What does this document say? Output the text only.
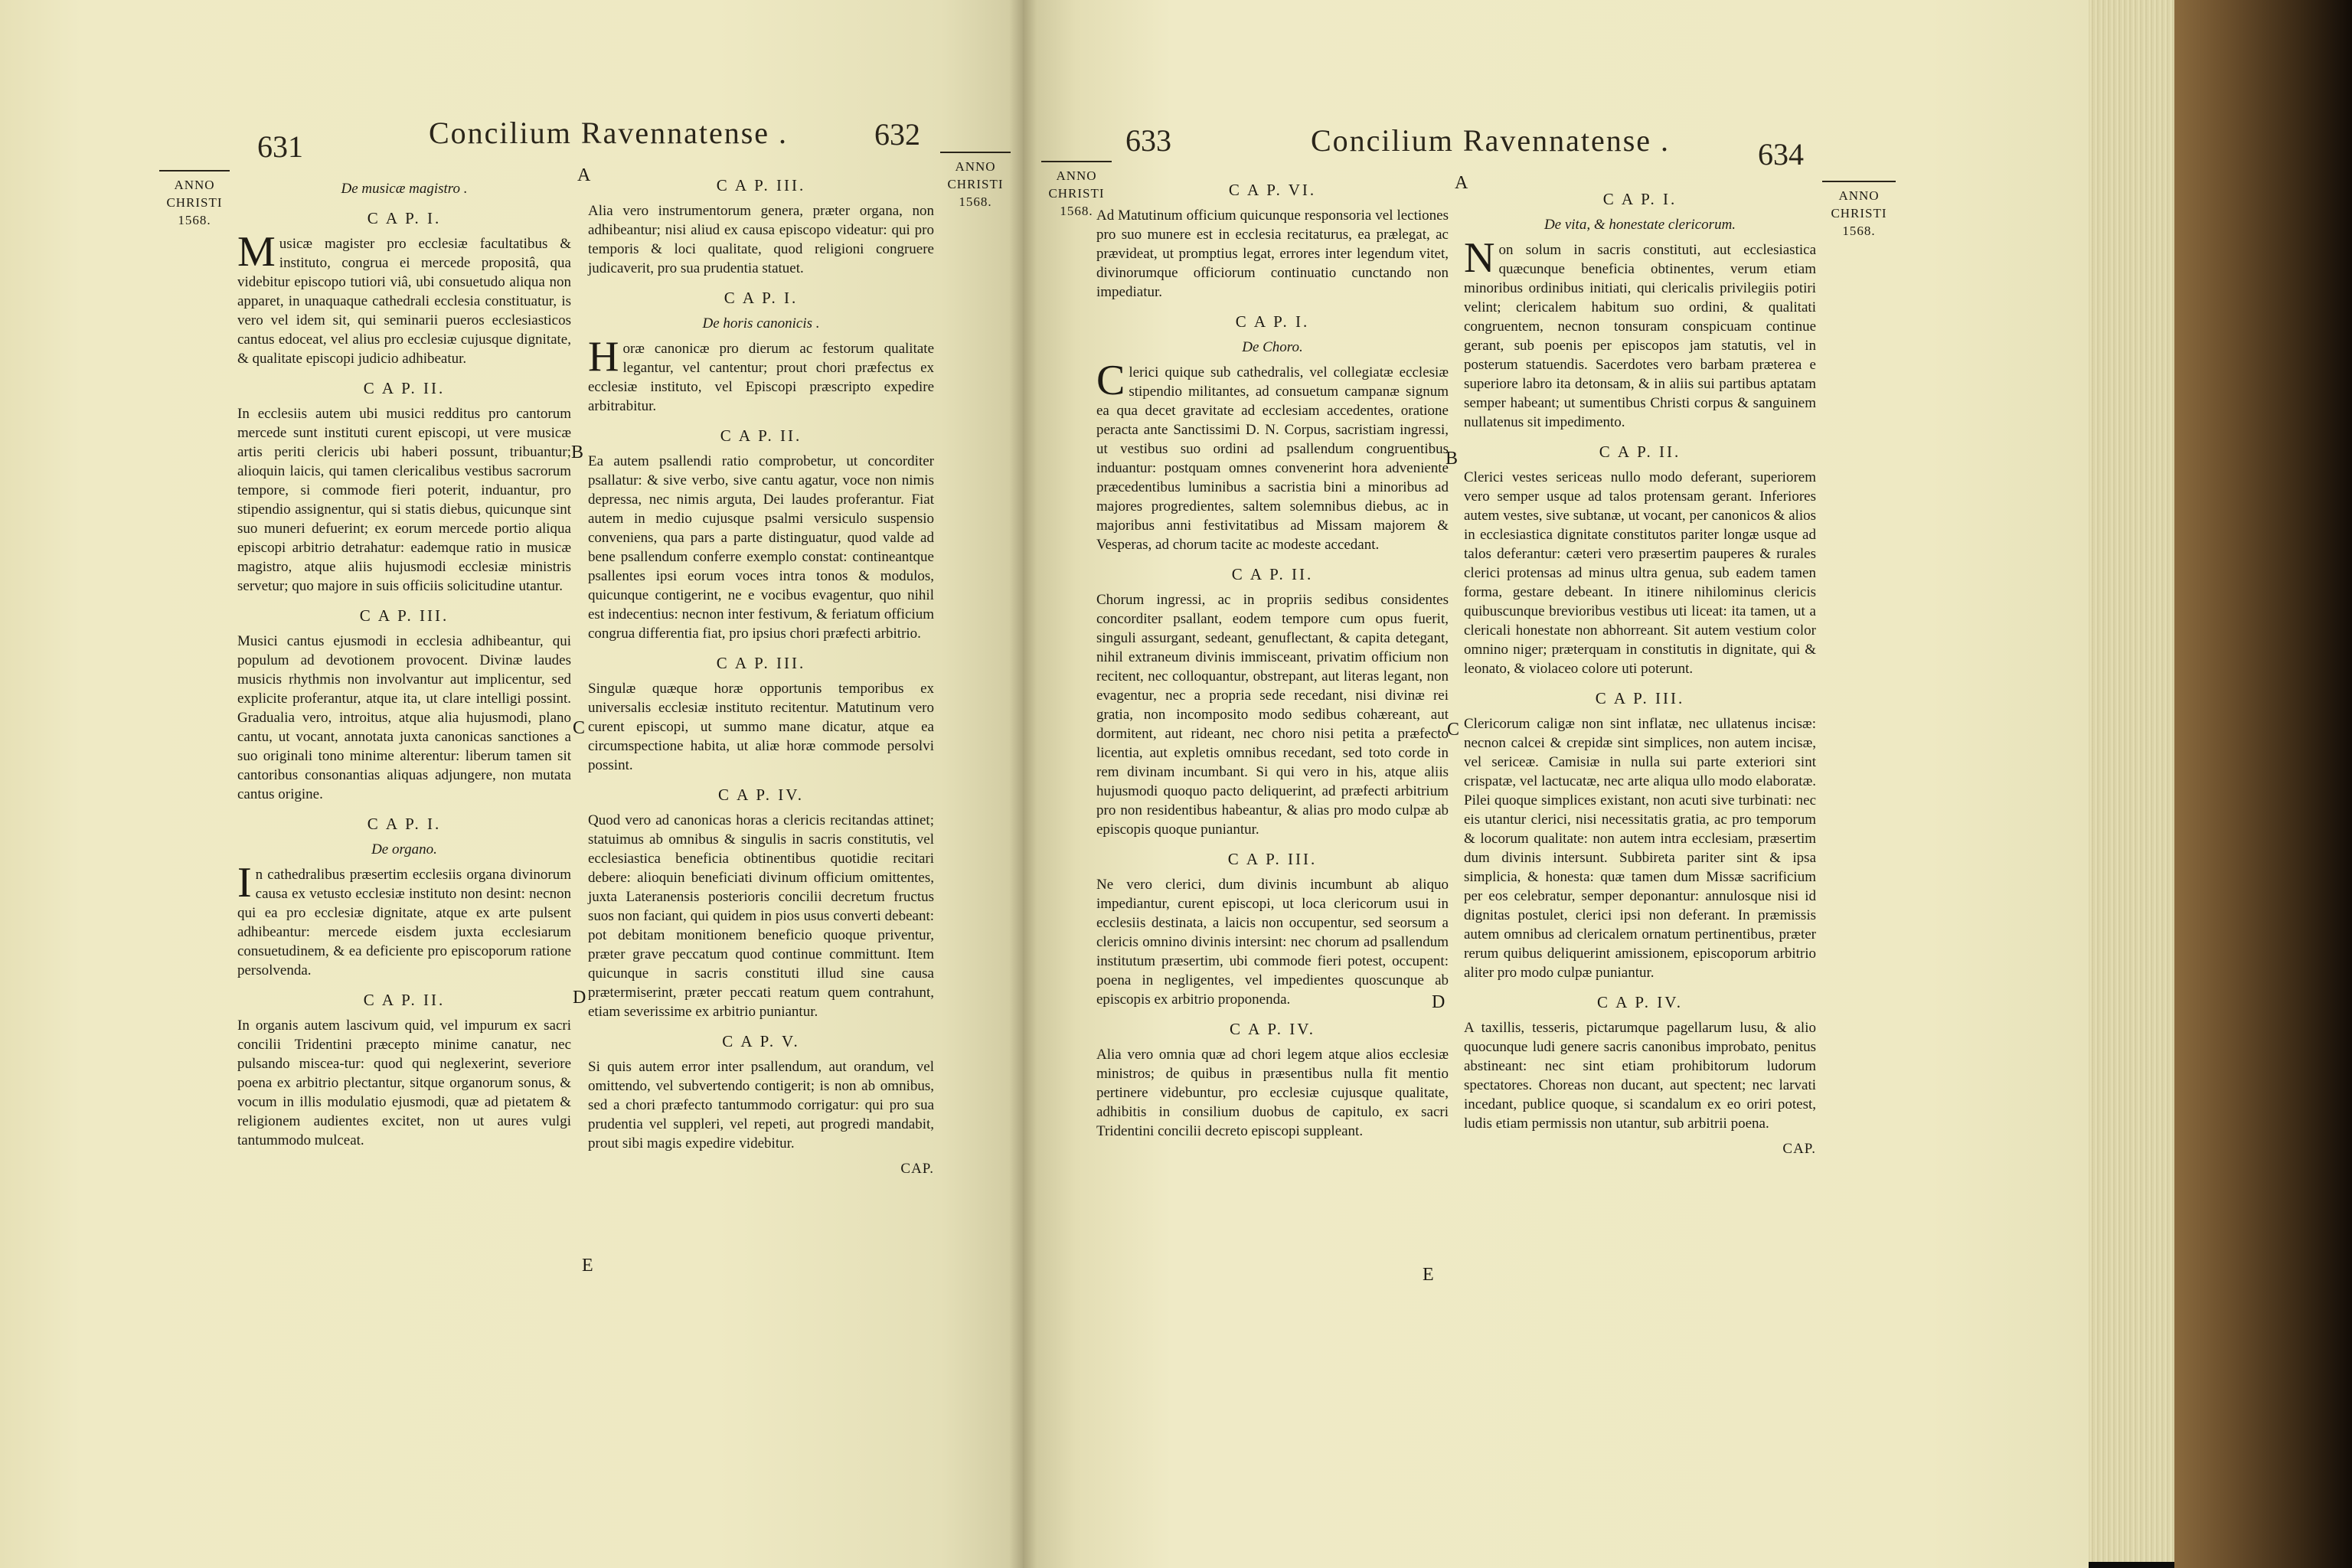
631	Concilium Ravennatense .	632
ANNO
CHRISTI
1568.
ANNO
CHRISTI
1568.
A
B
C
D
E
De musicæ magistro .
C A P. I.

Musicæ magister pro ecclesiæ facultatibus & instituto, congrua ei mercede propositâ, qua videbitur episcopo tutiori viâ, ubi consuetudo aliqua non apparet, in unaquaque cathedrali ecclesia constituatur, is vero vel idem sit, qui seminarii pueros ecclesiasticos cantus edoceat, vel alius pro ecclesiæ cujusque dignitate, & qualitate episcopi judicio adhibeatur.

C A P. II.

In ecclesiis autem ubi musici redditus pro cantorum mercede sunt instituti curent episcopi, ut vere musicæ artis periti clericis ubi haberi possunt, tribuantur; alioquin laicis, qui tamen clericalibus vestibus sacrorum tempore, si commode fieri poterit, induantur, pro stipendio assignentur, qui si statis diebus, quicunque sint suo muneri defuerint; ex eorum mercede portio aliqua episcopi arbitrio detrahatur: eademque ratio in musicæ magistro, atque aliis hujusmodi ecclesiæ ministris servetur; quo majore in suis officiis solicitudine utantur.

C A P. III.

Musici cantus ejusmodi in ecclesia adhibeantur, qui populum ad devotionem provocent. Divinæ laudes musicis rhythmis non involvantur aut implicentur, sed explicite proferantur, atque ita, ut clare intelligi possint. Gradualia vero, introitus, atque alia hujusmodi, plano cantu, ut vocant, annotata juxta canonicas sanctiones a suo originali tono minime alterentur: liberum tamen sit cantoribus consonantias aliquas adjungere, non mutata cantus origine.

C A P. I.
De organo.

In cathedralibus præsertim ecclesiis organa divinorum causa ex vetusto ecclesiæ instituto non desint: necnon qui ea pro ecclesiæ dignitate, atque ex arte pulsent adhibeantur: mercede eisdem juxta ecclesiarum consuetudinem, & ea deficiente pro episcoporum ratione persolvenda.

C A P. II.

In organis autem lascivum quid, vel impurum ex sacri concilii Tridentini præcepto minime canatur, nec pulsando miscea-tur: quod qui neglexerint, severiore poena ex arbitrio plectantur, sitque organorum sonus, & vocum in illis modulatio ejusmodi, quæ ad pietatem & religionem audientes excitet, non ut aures vulgi tantummodo mulceat.

C A P. III.

Alia vero instrumentorum genera, præter organa, non adhibeantur; nisi aliud ex causa episcopo videatur: qui pro temporis & loci qualitate, quod religioni congruere judicaverit, pro sua prudentia statuet.

C A P. I.
De horis canonicis .

Horæ canonicæ pro dierum ac festorum qualitate legantur, vel cantentur; prout chori præfectus ex ecclesiæ instituto, vel Episcopi præscripto expedire arbitrabitur.

C A P. II.

Ea autem psallendi ratio comprobetur, ut concorditer psallatur: & sive verbo, sive cantu agatur, voce non nimis depressa, nec nimis arguta, Dei laudes proferantur. Fiat autem in medio cujusque psalmi versiculo suspensio conveniens, qua pars a parte distinguatur, quod valde ad bene psallendum conferre exemplo constat: contineantque psallentes ipsi eorum voces intra tonos & modulos, quicunque contigerint, ne e vocibus evagentur, quo nihil est indecentius: necnon inter festivum, & feriatum officium congrua differentia fiat, pro ipsius chori præfecti arbitrio.

C A P. III.

Singulæ quæque horæ opportunis temporibus ex universalis ecclesiæ instituto recitentur. Matutinum vero curent episcopi, ut summo mane dicatur, atque ea circumspectione habita, ut aliæ horæ commode persolvi possint.

C A P. IV.

Quod vero ad canonicas horas a clericis recitandas attinet; statuimus ab omnibus & singulis in sacris constitutis, vel ecclesiastica beneficia obtinentibus quotidie recitari debere: alioquin beneficiati divinum officium omittentes, juxta Lateranensis posterioris concilii decretum fructus suos non faciant, qui quidem in pios usus converti debeant: pot debitam monitionem beneficio quoque priventur, præter grave peccatum quod continue committunt. Item quicunque in sacris constituti illud sine causa prætermiserint, præter peccati reatum quem contrahunt, etiam severissime ex arbitrio puniantur.

C A P. V.

Si quis autem error inter psallendum, aut orandum, vel omittendo, vel subvertendo contigerit; is non ab omnibus, sed a chori præfecto tantummodo corrigatur: qui pro sua prudentia vel suppleri, vel repeti, aut progredi mandabit, prout sibi magis expedire videbitur.

CAP.
633	Concilium Ravennatense .	634
ANNO
CHRISTI
1568.
ANNO
CHRISTI
1568.
A
B
C
D
E
C A P. VI.

Ad Matutinum officium quicunque responsoria vel lectiones pro suo munere est in ecclesia recitaturus, ea prælegat, ac prævideat, ut promptius legat, errores inter legendum vitet, divinorumque officiorum continuatio cunctando non impediatur.

C A P. I.
De Choro.

Clerici quique sub cathedralis, vel collegiatæ ecclesiæ stipendio militantes, ad consuetum campanæ signum ea qua decet gravitate ad ecclesiam accedentes, oratione peracta ante Sanctissimi D. N. Corpus, sacristiam ingressi, ut vestibus suo ordini ad psallendum congruentibus induantur: postquam omnes convenerint hora adveniente præcedentibus luminibus a sacristia bini a minoribus ad majores progredientes, saltem solemnibus diebus, ac in majoribus anni festivitatibus ad Missam majorem & Vesperas, ad chorum tacite ac modeste accedant.

C A P. II.

Chorum ingressi, ac in propriis sedibus considentes concorditer psallant, eodem tempore cum opus fuerit, singuli assurgant, sedeant, genuflectant, & capita detegant, nihil extraneum divinis immisceant, privatim officium non recitent, nec colloquantur, obstrepant, aut literas legant, non evagentur, nec a propria sede recedant, nisi divinæ rei gratia, non incomposito modo sedibus cohæreant, aut dormitent, aut rideant, nec choro nisi petita a præfecto licentia, aut expletis omnibus recedant, sed toto corde in rem divinam incumbant. Si qui vero in his, atque aliis hujusmodi quoquo pacto deliquerint, ad præfecti arbitrium pro non residentibus habeantur, & alias pro modo culpæ ab episcopis quoque puniantur.

C A P. III.

Ne vero clerici, dum divinis incumbunt ab aliquo impediantur, curent episcopi, ut loca clericorum usui in ecclesiis destinata, a laicis non occupentur, sed seorsum a clericis omnino divinis intersint: nec chorum ad psallendum institutum præsertim, ubi commode fieri potest, occupent: poena in negligentes, vel impedientes quoscunque ab episcopis ex arbitrio proponenda.

C A P. IV.

Alia vero omnia quæ ad chori legem atque alios ecclesiæ ministros; de quibus in præsentibus nulla fit mentio pertinere videbuntur, pro ecclesiæ cujusque qualitate, adhibitis in consilium duobus de capitulo, ex sacri Tridentini concilii decreto episcopi suppleant.

C A P. I.
De vita, & honestate clericorum.

Non solum in sacris constituti, aut ecclesiastica quæcunque beneficia obtinentes, verum etiam minoribus ordinibus initiati, qui clericalis privilegiis potiri velint; clericalem habitum suo ordini, & qualitati congruentem, necnon tonsuram conspicuam continue gerant, sub poenis per episcopos jam statutis, vel in posterum statuendis. Sacerdotes vero barbam præterea e superiore labro ita detonsam, & in aliis sui partibus aptatam semper habeant; ut sumentibus Christi corpus & sanguinem nullatenus sit impedimento.

C A P. II.

Clerici vestes sericeas nullo modo deferant, superiorem vero semper usque ad talos protensam gerant. Inferiores autem vestes, sive subtanæ, ut vocant, per canonicos & alios in ecclesiastica dignitate constitutos pariter longæ usque ad talos deferantur: cæteri vero præsertim pauperes & rurales clerici protensas ad minus ultra genua, sub eadem tamen forma, gestare debeant. In itinere nihilominus clericis quibuscunque brevioribus vestibus uti liceat: ita tamen, ut a clericali honestate non abhorreant. Sit autem vestium color omnino niger; præterquam in constitutis in dignitate, qui & leonato, & violaceo colore uti poterunt.

C A P. III.

Clericorum caligæ non sint inflatæ, nec ullatenus incisæ: necnon calcei & crepidæ sint simplices, non autem incisæ, vel sericeæ. Camisiæ in nulla sui parte exteriori sint crispatæ, vel lactucatæ, nec arte aliqua ullo modo elaboratæ. Pilei quoque simplices existant, non acuti sive turbinati: nec eis utantur clerici, nisi necessitatis gratia, ac pro temporum & locorum qualitate: non autem intra ecclesiam, præsertim dum divinis intersunt. Subbireta pariter sint & ipsa simplicia, & honesta: quæ tamen dum Missæ sacrificium per eos celebratur, semper deponantur: annulosque nisi id dignitas postulet, clerici ipsi non deferant. In præmissis autem omnibus ad clericalem ornatum pertinentibus, præter rerum quibus deliquerint amissionem, episcoporum arbitrio aliter pro modo culpæ puniantur.

C A P. IV.

A taxillis, tesseris, pictarumque pagellarum lusu, & alio quocunque ludi genere sacris canonibus improbato, penitus abstineant: nec sint etiam prohibitorum ludorum spectatores. Choreas non ducant, aut spectent; nec larvati incedant, publice quoque, si scandalum ex eo oriri potest, ludis etiam permissis non utantur, sub arbitrii poena.

CAP.
